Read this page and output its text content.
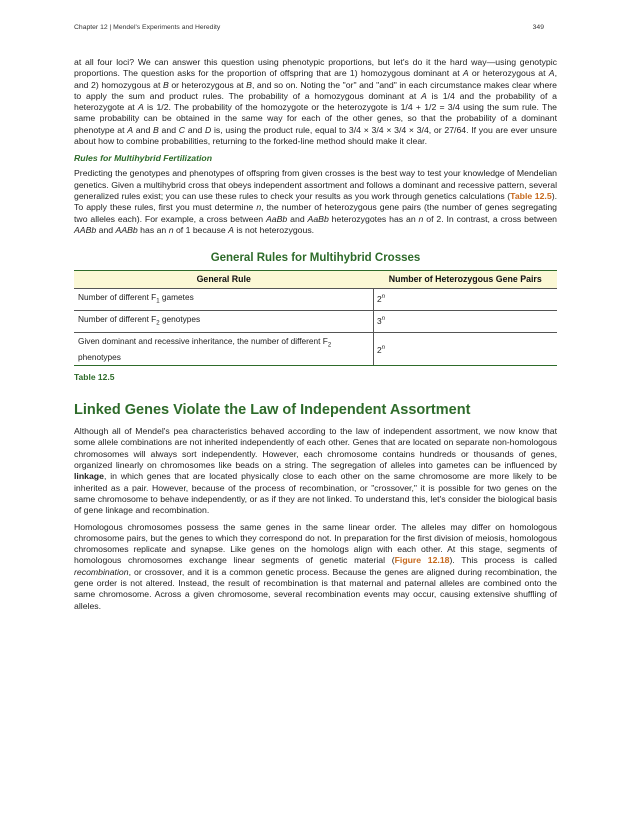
Chapter 12 | Mendel's Experiments and Heredity	349

at all four loci? We can answer this question using phenotypic proportions, but let's do it the hard way—using genotypic proportions. The question asks for the proportion of offspring that are 1) homozygous dominant at A or heterozygous at A, and 2) homozygous at B or heterozygous at B, and so on. Noting the "or" and "and" in each circumstance makes clear where to apply the sum and product rules. The probability of a homozygous dominant at A is 1/4 and the probability of a heterozygote at A is 1/2. The probability of the homozygote or the heterozygote is 1/4 + 1/2 = 3/4 using the sum rule. The same probability can be obtained in the same way for each of the other genes, so that the probability of a dominant phenotype at A and B and C and D is, using the product rule, equal to 3/4 × 3/4 × 3/4 × 3/4, or 27/64. If you are ever unsure about how to combine probabilities, returning to the forked-line method should make it clear.

Rules for Multihybrid Fertilization

Predicting the genotypes and phenotypes of offspring from given crosses is the best way to test your knowledge of Mendelian genetics. Given a multihybrid cross that obeys independent assortment and follows a dominant and recessive pattern, several generalized rules exist; you can use these rules to check your results as you work through genetics calculations (Table 12.5). To apply these rules, first you must determine n, the number of heterozygous gene pairs (the number of genes segregating two alleles each). For example, a cross between AaBb and AaBb heterozygotes has an n of 2. In contrast, a cross between AABb and AABb has an n of 1 because A is not heterozygous.

General Rules for Multihybrid Crosses
General Rule	Number of Heterozygous Gene Pairs
Number of different $F_1$ gametes	2$^n$
Number of different $F_2$ genotypes	3$^n$
Given dominant and recessive inheritance, the number of different $F_2$ phenotypes	2$^n$
Table 12.5
Linked Genes Violate the Law of Independent Assortment

Although all of Mendel's pea characteristics behaved according to the law of independent assortment, we now know that some allele combinations are not inherited independently of each other. Genes that are located on separate non-homologous chromosomes will always sort independently. However, each chromosome contains hundreds or thousands of genes, organized linearly on chromosomes like beads on a string. The segregation of alleles into gametes can be influenced by linkage, in which genes that are located physically close to each other on the same chromosome are more likely to be inherited as a pair. However, because of the process of recombination, or "crossover," it is possible for two genes on the same chromosome to behave independently, or as if they are not linked. To understand this, let's consider the biological basis of gene linkage and recombination.

Homologous chromosomes possess the same genes in the same linear order. The alleles may differ on homologous chromosome pairs, but the genes to which they correspond do not. In preparation for the first division of meiosis, homologous chromosomes replicate and synapse. Like genes on the homologs align with each other. At this stage, segments of homologous chromosomes exchange linear segments of genetic material (Figure 12.18). This process is called recombination, or crossover, and it is a common genetic process. Because the genes are aligned during recombination, the gene order is not altered. Instead, the result of recombination is that maternal and paternal alleles are combined onto the same chromosome. Across a given chromosome, several recombination events may occur, causing extensive shuffling of alleles.
